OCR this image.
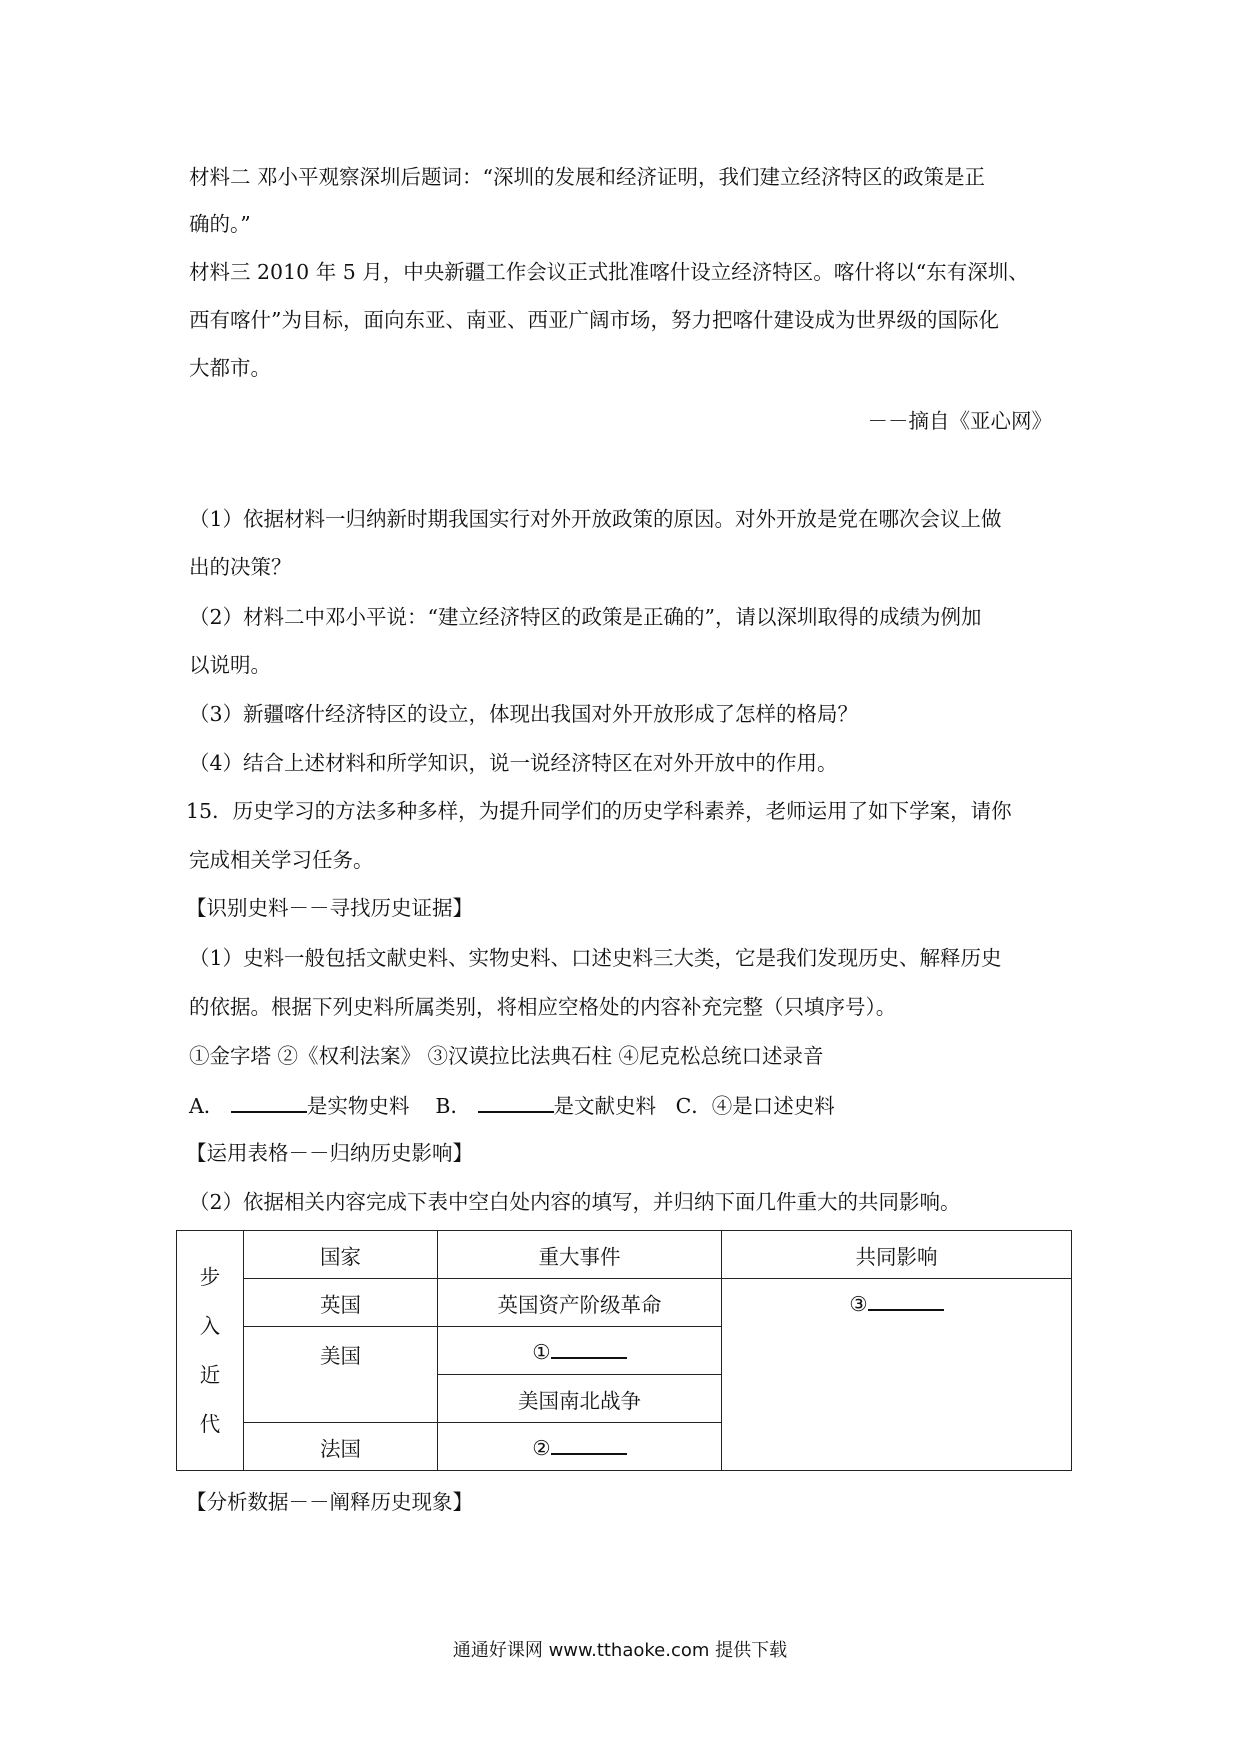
材料二 邓小平观察深圳后题词：“深圳的发展和经济证明，我们建立经济特区的政策是正
确的。”
材料三 2010 年 5 月，中央新疆工作会议正式批准喀什设立经济特区。喀什将以“东有深圳、
西有喀什”为目标，面向东亚、南亚、西亚广阔市场，努力把喀什建设成为世界级的国际化
大都市。
－－摘自《亚心网》
（1）依据材料一归纳新时期我国实行对外开放政策的原因。对外开放是党在哪次会议上做
出的决策？
（2）材料二中邓小平说：“建立经济特区的政策是正确的”，请以深圳取得的成绩为例加
以说明。
（3）新疆喀什经济特区的设立，体现出我国对外开放形成了怎样的格局？
（4）结合上述材料和所学知识，说一说经济特区在对外开放中的作用。
15．历史学习的方法多种多样，为提升同学们的历史学科素养，老师运用了如下学案，请你
完成相关学习任务。
【识别史料－－寻找历史证据】
（1）史料一般包括文献史料、实物史料、口述史料三大类，它是我们发现历史、解释历史
的依据。根据下列史料所属类别，将相应空格处的内容补充完整（只填序号）。
①金字塔 ②《权利法案》 ③汉谟拉比法典石柱 ④尼克松总统口述录音
A．	是实物史料 B．	是文献史料 C．④是口述史料
【运用表格－－归纳历史影响】
（2）依据相关内容完成下表中空白处内容的填写，并归纳下面几件重大的共同影响。
步
入
近
代	国家	重大事件	共同影响
	英国	英国资产阶级革命	③
	美国	①	
		美国南北战争	
	法国	②	
【分析数据－－阐释历史现象】
通通好课网 www.tthaoke.com 提供下载
